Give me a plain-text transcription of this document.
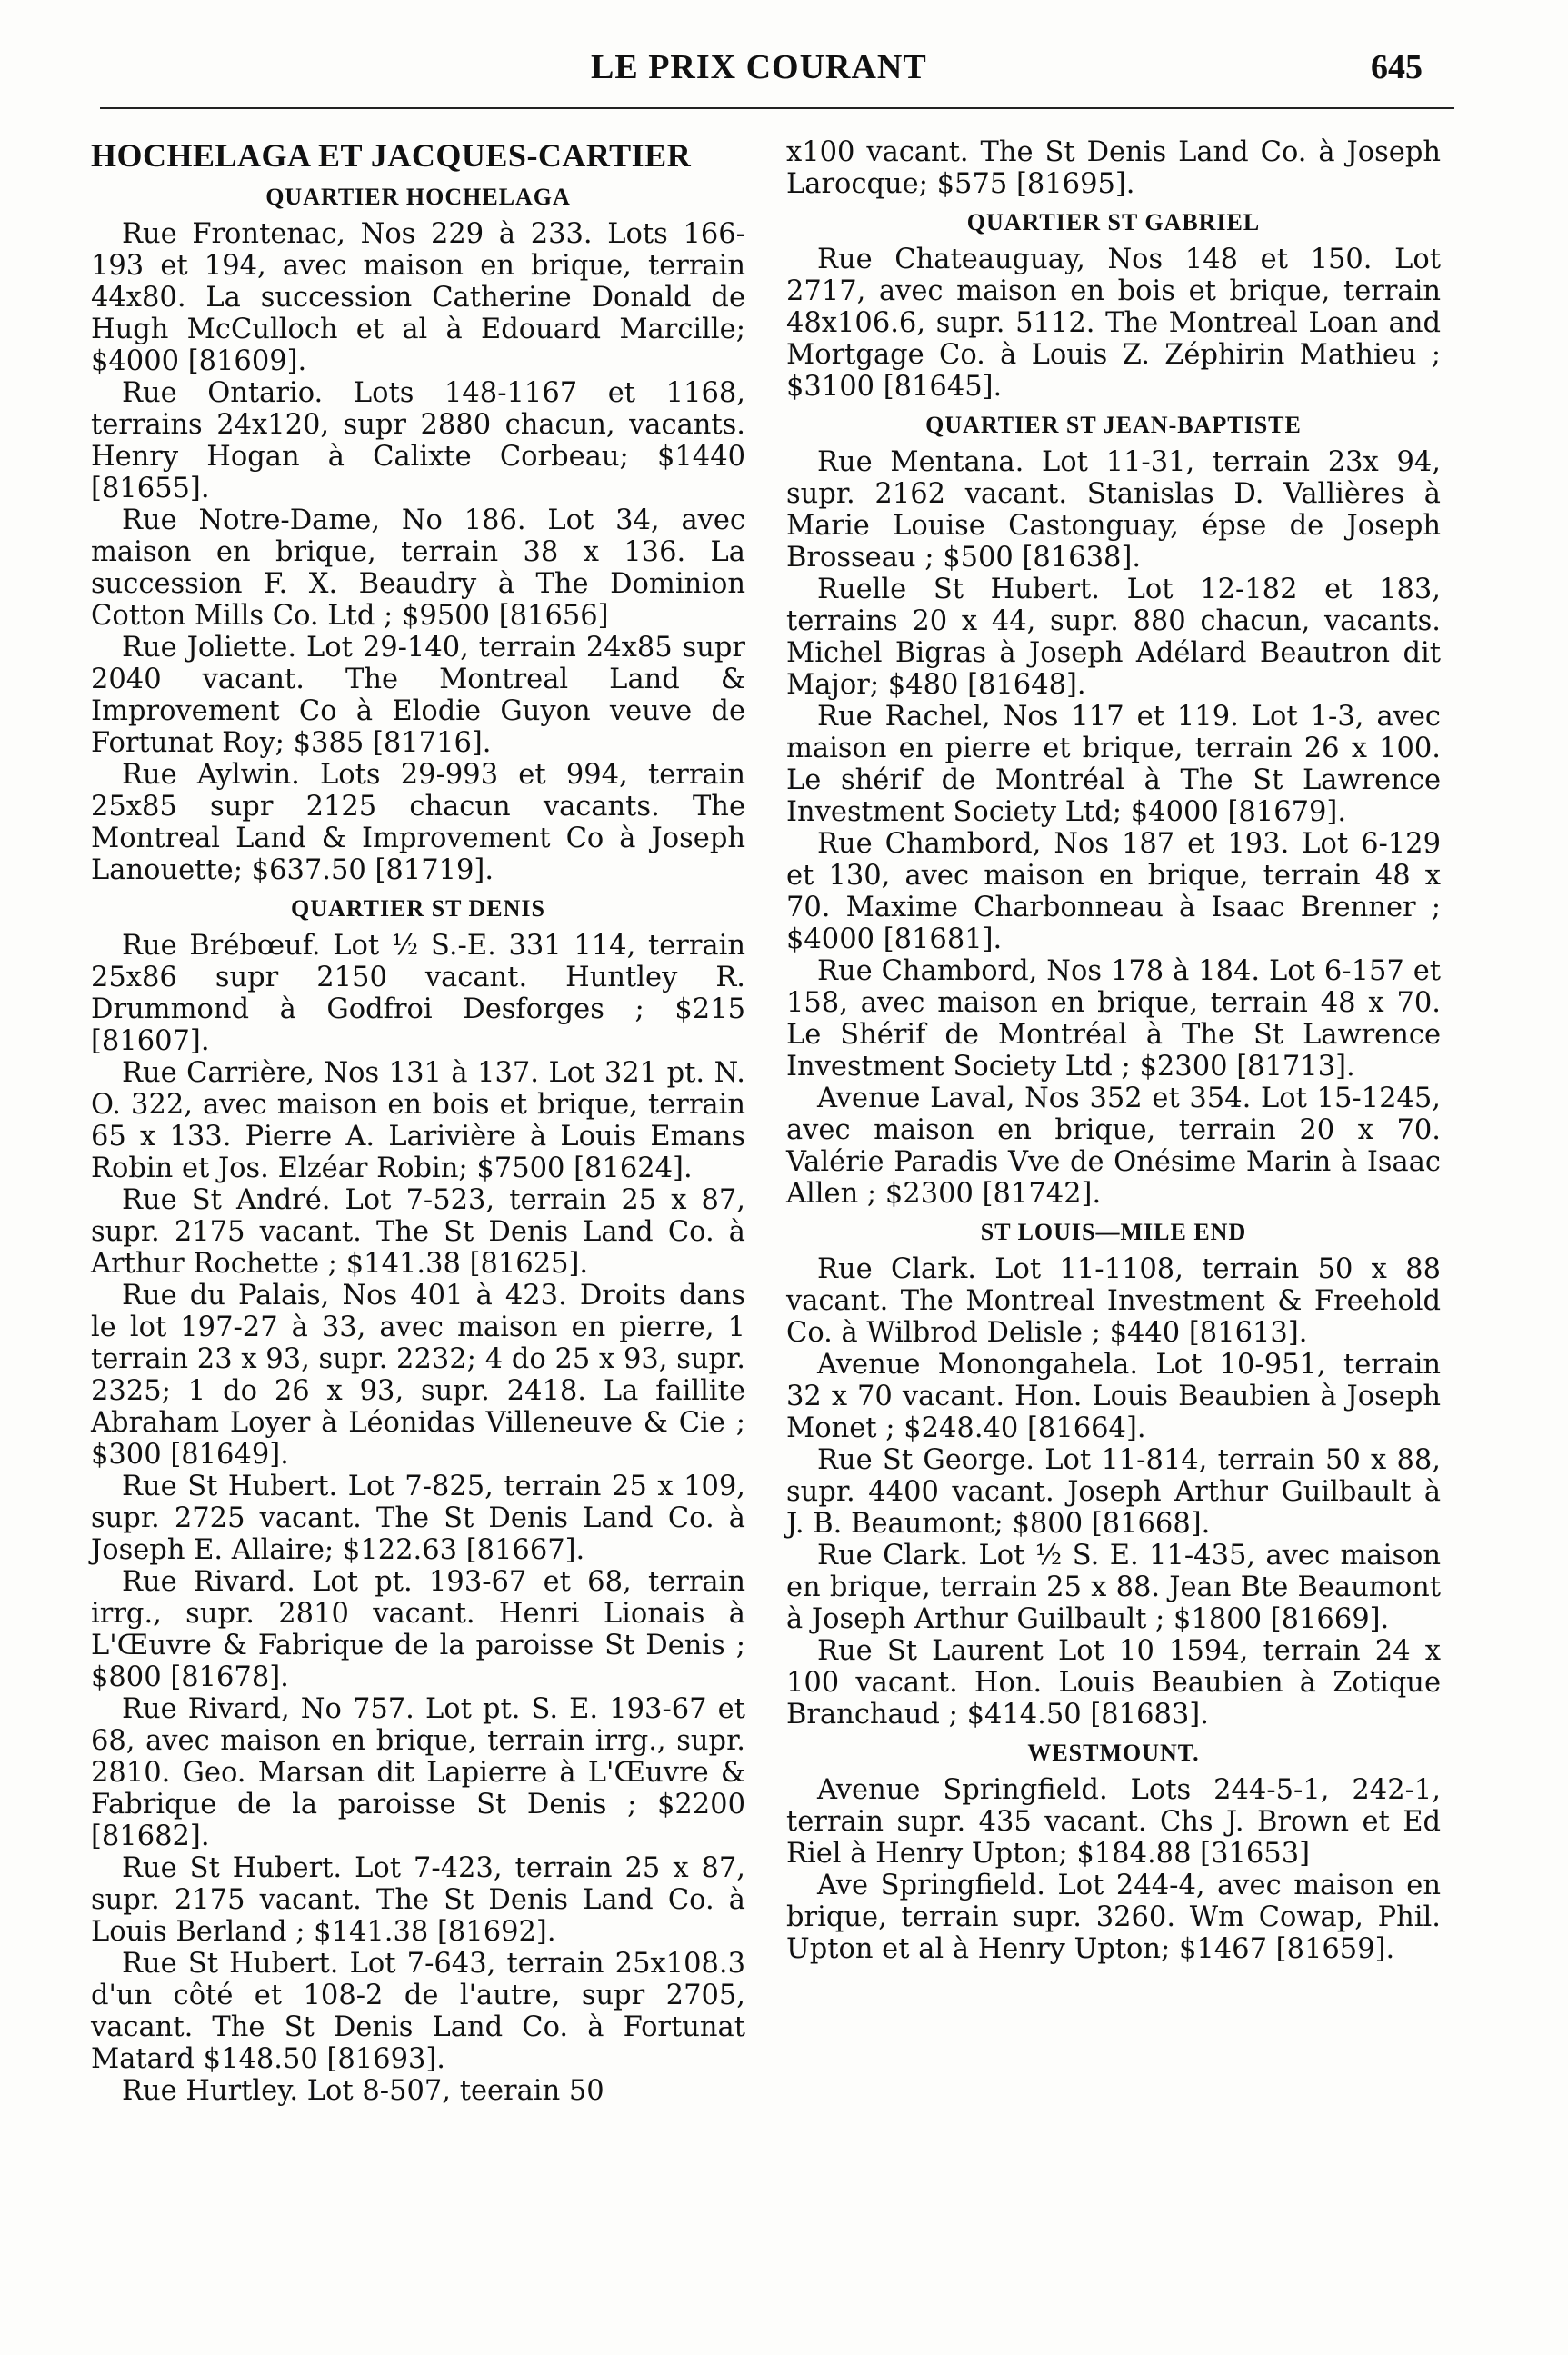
LE PRIX COURANT	645
HOCHELAGA ET JACQUES-CARTIER
QUARTIER HOCHELAGA

Rue Frontenac, Nos 229 à 233. Lots 166-193 et 194, avec maison en brique, terrain 44x80. La succession Catherine Donald de Hugh McCulloch et al à Edouard Marcille; $4000 [81609].

Rue Ontario. Lots 148-1167 et 1168, terrains 24x120, supr 2880 chacun, vacants. Henry Hogan à Calixte Corbeau; $1440 [81655].

Rue Notre-Dame, No 186. Lot 34, avec maison en brique, terrain 38 x 136. La succession F. X. Beaudry à The Dominion Cotton Mills Co. Ltd ; $9500 [81656]

Rue Joliette. Lot 29-140, terrain 24x85 supr 2040 vacant. The Montreal Land & Improvement Co à Elodie Guyon veuve de Fortunat Roy; $385 [81716].

Rue Aylwin. Lots 29-993 et 994, terrain 25x85 supr 2125 chacun vacants. The Montreal Land & Improvement Co à Joseph Lanouette; $637.50 [81719].

QUARTIER ST DENIS

Rue Brébœuf. Lot ½ S.-E. 331 114, terrain 25x86 supr 2150 vacant. Huntley R. Drummond à Godfroi Desforges ; $215 [81607].

Rue Carrière, Nos 131 à 137. Lot 321 pt. N. O. 322, avec maison en bois et brique, terrain 65 x 133. Pierre A. Larivière à Louis Emans Robin et Jos. Elzéar Robin; $7500 [81624].

Rue St André. Lot 7-523, terrain 25 x 87, supr. 2175 vacant. The St Denis Land Co. à Arthur Rochette ; $141.38 [81625].

Rue du Palais, Nos 401 à 423. Droits dans le lot 197-27 à 33, avec maison en pierre, 1 terrain 23 x 93, supr. 2232; 4 do 25 x 93, supr. 2325; 1 do 26 x 93, supr. 2418. La faillite Abraham Loyer à Léonidas Villeneuve & Cie ; $300 [81649].

Rue St Hubert. Lot 7-825, terrain 25 x 109, supr. 2725 vacant. The St Denis Land Co. à Joseph E. Allaire; $122.63 [81667].

Rue Rivard. Lot pt. 193-67 et 68, terrain irrg., supr. 2810 vacant. Henri Lionais à L'Œuvre & Fabrique de la paroisse St Denis ; $800 [81678].

Rue Rivard, No 757. Lot pt. S. E. 193-67 et 68, avec maison en brique, terrain irrg., supr. 2810. Geo. Marsan dit Lapierre à L'Œuvre & Fabrique de la paroisse St Denis ; $2200 [81682].

Rue St Hubert. Lot 7-423, terrain 25 x 87, supr. 2175 vacant. The St Denis Land Co. à Louis Berland ; $141.38 [81692].

Rue St Hubert. Lot 7-643, terrain 25x108.3 d'un côté et 108-2 de l'autre, supr 2705, vacant. The St Denis Land Co. à Fortunat Matard $148.50 [81693].

Rue Hurtley. Lot 8-507, teerain 50

x100 vacant. The St Denis Land Co. à Joseph Larocque; $575 [81695].

QUARTIER ST GABRIEL

Rue Chateauguay, Nos 148 et 150. Lot 2717, avec maison en bois et brique, terrain 48x106.6, supr. 5112. The Montreal Loan and Mortgage Co. à Louis Z. Zéphirin Mathieu ; $3100 [81645].

QUARTIER ST JEAN-BAPTISTE

Rue Mentana. Lot 11-31, terrain 23x 94, supr. 2162 vacant. Stanislas D. Vallières à Marie Louise Castonguay, épse de Joseph Brosseau ; $500 [81638].

Ruelle St Hubert. Lot 12-182 et 183, terrains 20 x 44, supr. 880 chacun, vacants. Michel Bigras à Joseph Adélard Beautron dit Major; $480 [81648].

Rue Rachel, Nos 117 et 119. Lot 1-3, avec maison en pierre et brique, terrain 26 x 100. Le shérif de Montréal à The St Lawrence Investment Society Ltd; $4000 [81679].

Rue Chambord, Nos 187 et 193. Lot 6-129 et 130, avec maison en brique, terrain 48 x 70. Maxime Charbonneau à Isaac Brenner ; $4000 [81681].

Rue Chambord, Nos 178 à 184. Lot 6-157 et 158, avec maison en brique, terrain 48 x 70. Le Shérif de Montréal à The St Lawrence Investment Society Ltd ; $2300 [81713].

Avenue Laval, Nos 352 et 354. Lot 15-1245, avec maison en brique, terrain 20 x 70. Valérie Paradis Vve de Onésime Marin à Isaac Allen ; $2300 [81742].

ST LOUIS—MILE END

Rue Clark. Lot 11-1108, terrain 50 x 88 vacant. The Montreal Investment & Freehold Co. à Wilbrod Delisle ; $440 [81613].

Avenue Monongahela. Lot 10-951, terrain 32 x 70 vacant. Hon. Louis Beaubien à Joseph Monet ; $248.40 [81664].

Rue St George. Lot 11-814, terrain 50 x 88, supr. 4400 vacant. Joseph Arthur Guilbault à J. B. Beaumont; $800 [81668].

Rue Clark. Lot ½ S. E. 11-435, avec maison en brique, terrain 25 x 88. Jean Bte Beaumont à Joseph Arthur Guilbault ; $1800 [81669].

Rue St Laurent Lot 10 1594, terrain 24 x 100 vacant. Hon. Louis Beaubien à Zotique Branchaud ; $414.50 [81683].

WESTMOUNT.

Avenue Springfield. Lots 244-5-1, 242-1, terrain supr. 435 vacant. Chs J. Brown et Ed Riel à Henry Upton; $184.88 [31653]

Ave Springfield. Lot 244-4, avec maison en brique, terrain supr. 3260. Wm Cowap, Phil. Upton et al à Henry Upton; $1467 [81659].
